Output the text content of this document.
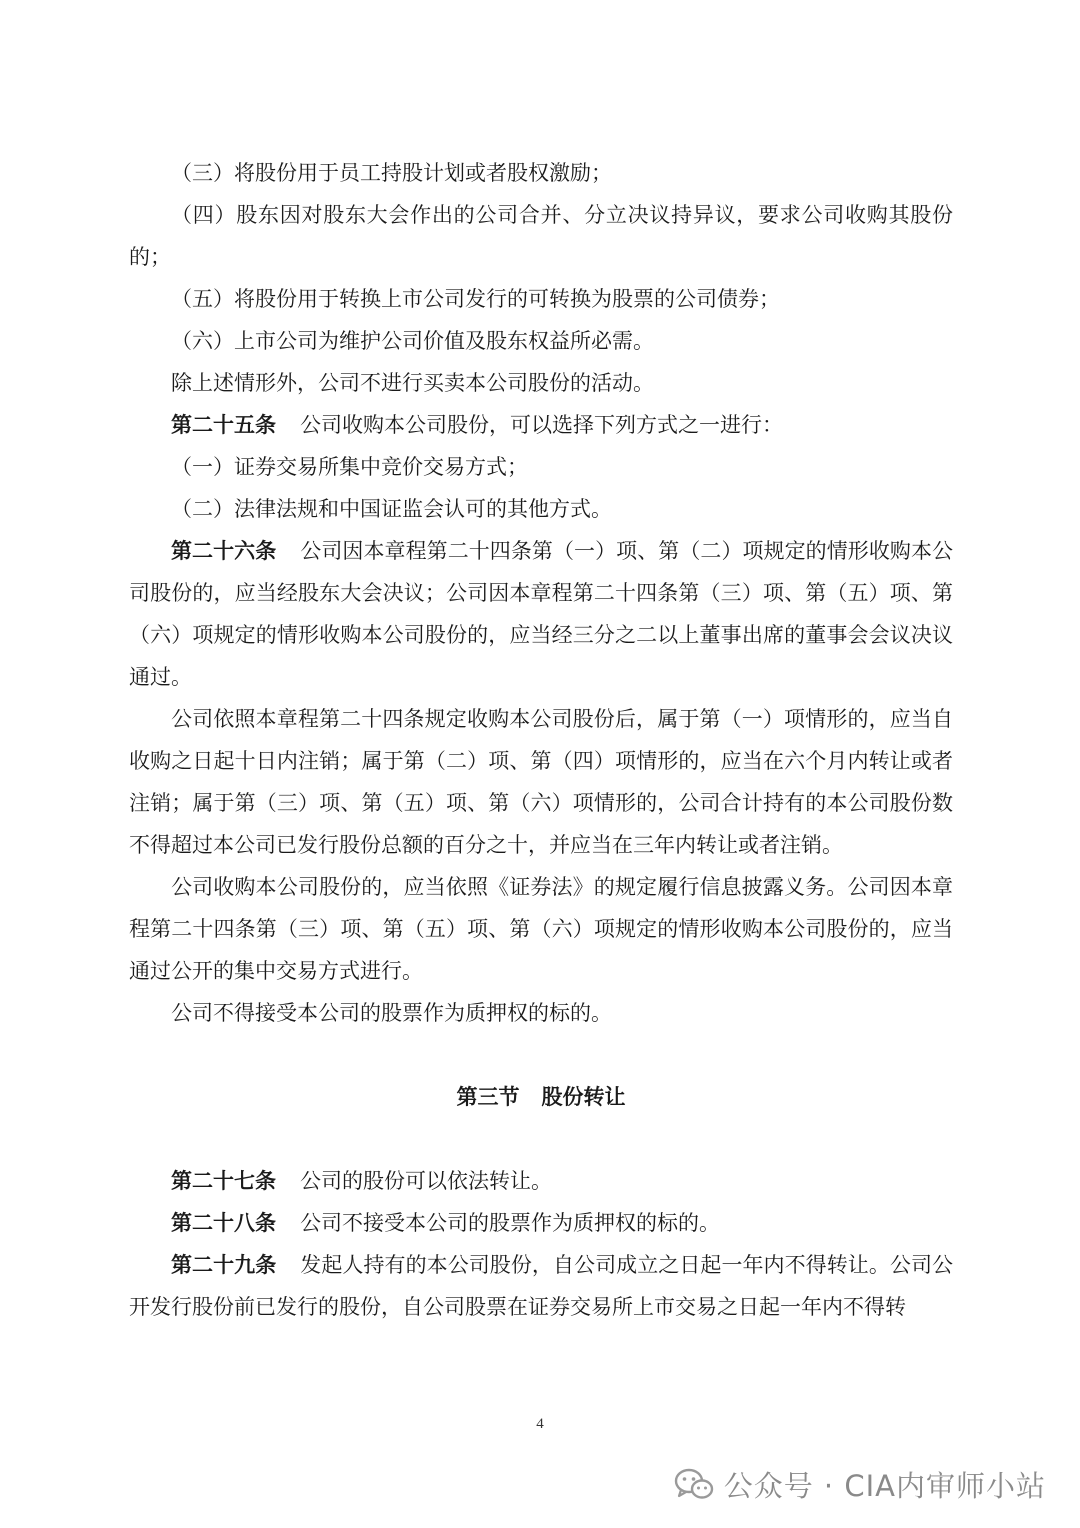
（三）将股份用于员工持股计划或者股权激励；

（四）股东因对股东大会作出的公司合并、分立决议持异议，要求公司收购其股份的；

（五）将股份用于转换上市公司发行的可转换为股票的公司债券；

（六）上市公司为维护公司价值及股东权益所必需。

除上述情形外，公司不进行买卖本公司股份的活动。

第二十五条 公司收购本公司股份，可以选择下列方式之一进行：

（一）证券交易所集中竞价交易方式；

（二）法律法规和中国证监会认可的其他方式。

第二十六条 公司因本章程第二十四条第（一）项、第（二）项规定的情形收购本公司股份的，应当经股东大会决议；公司因本章程第二十四条第（三）项、第（五）项、第（六）项规定的情形收购本公司股份的，应当经三分之二以上董事出席的董事会会议决议通过。

公司依照本章程第二十四条规定收购本公司股份后，属于第（一）项情形的，应当自收购之日起十日内注销；属于第（二）项、第（四）项情形的，应当在六个月内转让或者注销；属于第（三）项、第（五）项、第（六）项情形的，公司合计持有的本公司股份数不得超过本公司已发行股份总额的百分之十，并应当在三年内转让或者注销。

公司收购本公司股份的，应当依照《证券法》的规定履行信息披露义务。公司因本章程第二十四条第（三）项、第（五）项、第（六）项规定的情形收购本公司股份的，应当通过公开的集中交易方式进行。

公司不得接受本公司的股票作为质押权的标的。

第三节 股份转让

第二十七条 公司的股份可以依法转让。

第二十八条 公司不接受本公司的股票作为质押权的标的。

第二十九条 发起人持有的本公司股份，自公司成立之日起一年内不得转让。公司公开发行股份前已发行的股份，自公司股票在证券交易所上市交易之日起一年内不得转

4
公众号 · CIA内审师小站
